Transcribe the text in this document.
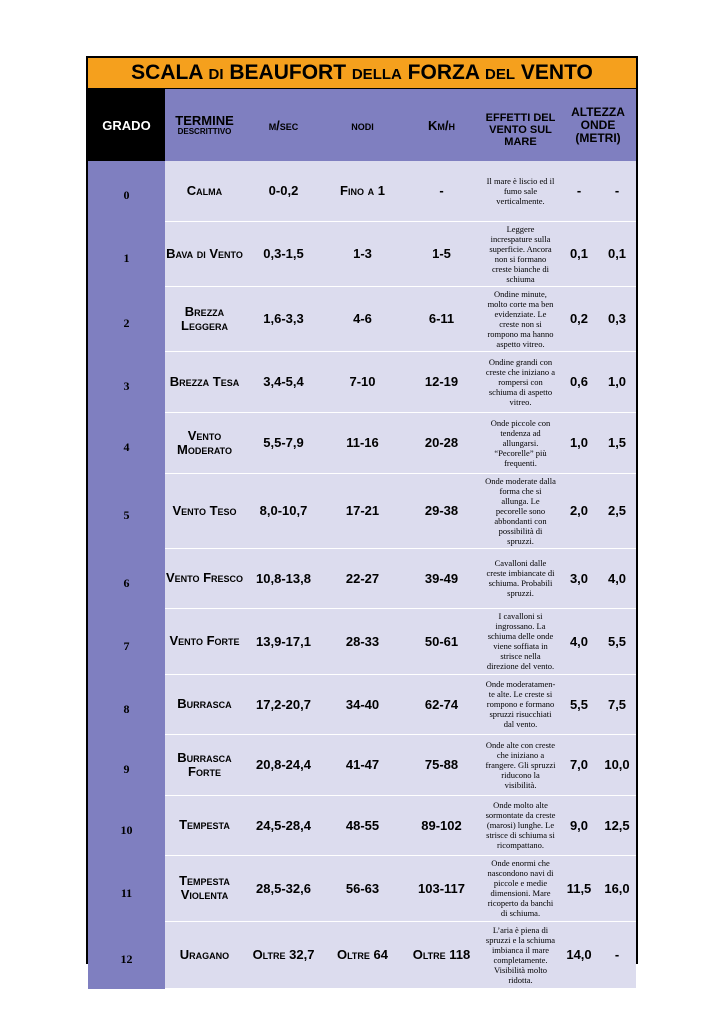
SCALA di BEAUFORT della FORZA del VENTO
GRADO	TERMINE
DESCRITTIVO	m/sec	nodi	Km/h	EFFETTI DEL VENTO SUL MARE	ALTEZZA ONDE (METRI)	
0	Calma	0-0,2	Fino a 1	-	Il mare è liscio ed il fumo sale verticalmente.	-	-
1	Bava di Vento	0,3-1,5	1-3	1-5	Leggere increspature sulla superficie. Ancora non si formano creste bianche di schiuma	0,1	0,1
2	Brezza Leggera	1,6-3,3	4-6	6-11	Ondine minute, molto corte ma ben evidenziate. Le creste non si rompono ma hanno aspetto vitreo.	0,2	0,3
3	Brezza Tesa	3,4-5,4	7-10	12-19	Ondine grandi con creste che iniziano a rompersi con schiuma di aspetto vitreo.	0,6	1,0
4	Vento Moderato	5,5-7,9	11-16	20-28	Onde piccole con tendenza ad allungarsi. “Pecorelle” più frequenti.	1,0	1,5
5	Vento Teso	8,0-10,7	17-21	29-38	Onde moderate dalla forma che si allunga. Le pecorelle sono abbondanti con possibilità di spruzzi.	2,0	2,5
6	Vento Fresco	10,8-13,8	22-27	39-49	Cavalloni dalle creste imbiancate di schiuma. Probabili spruzzi.	3,0	4,0
7	Vento Forte	13,9-17,1	28-33	50-61	I cavalloni si ingrossano. La schiuma delle onde viene soffiata in strisce nella direzione del vento.	4,0	5,5
8	Burrasca	17,2-20,7	34-40	62-74	Onde moderatamen-te alte. Le creste si rompono e formano spruzzi risucchiati dal vento.	5,5	7,5
9	Burrasca Forte	20,8-24,4	41-47	75-88	Onde alte con creste che iniziano a frangere. Gli spruzzi riducono la visibilità.	7,0	10,0
10	Tempesta	24,5-28,4	48-55	89-102	Onde molto alte sormontate da creste (marosi) lunghe. Le strisce di schiuma si ricompattano.	9,0	12,5
11	Tempesta Violenta	28,5-32,6	56-63	103-117	Onde enormi che nascondono navi di piccole e medie dimensioni. Mare ricoperto da banchi di schiuma.	11,5	16,0
12	Uragano	Oltre 32,7	Oltre 64	Oltre 118	L’aria è piena di spruzzi e la schiuma imbianca il mare completamente. Visibilità molto ridotta.	14,0	-
